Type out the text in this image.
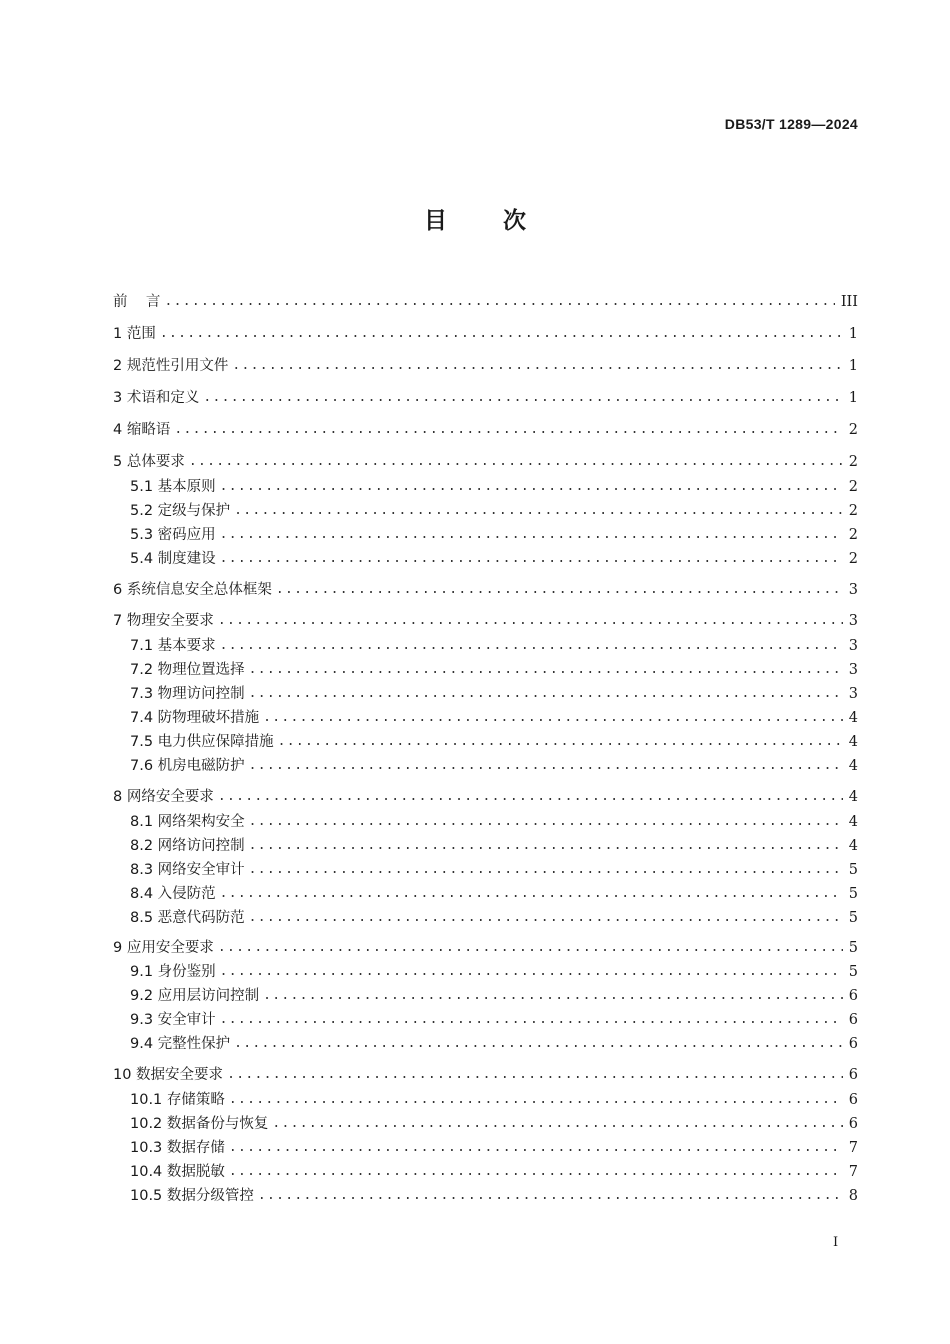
DB53/T 1289—2024
目 次
前    言 .....	III
1 范围 .....	1
2 规范性引用文件 .....	1
3 术语和定义 .....	1
4 缩略语 .....	2
5 总体要求 .....	2
5.1 基本原则 .....	2
5.2 定级与保护 .....	2
5.3 密码应用 .....	2
5.4 制度建设 .....	2
6 系统信息安全总体框架 .....	3
7 物理安全要求 .....	3
7.1 基本要求 .....	3
7.2 物理位置选择 .....	3
7.3 物理访问控制 .....	3
7.4 防物理破坏措施 .....	4
7.5 电力供应保障措施 .....	4
7.6 机房电磁防护 .....	4
8 网络安全要求 .....	4
8.1 网络架构安全 .....	4
8.2 网络访问控制 .....	4
8.3 网络安全审计 .....	5
8.4 入侵防范 .....	5
8.5 恶意代码防范 .....	5
9 应用安全要求 .....	5
9.1 身份鉴别 .....	5
9.2 应用层访问控制 .....	6
9.3 安全审计 .....	6
9.4 完整性保护 .....	6
10 数据安全要求 .....	6
10.1 存储策略 .....	6
10.2 数据备份与恢复 .....	6
10.3 数据存储 .....	7
10.4 数据脱敏 .....	7
10.5 数据分级管控 .....	8
I
